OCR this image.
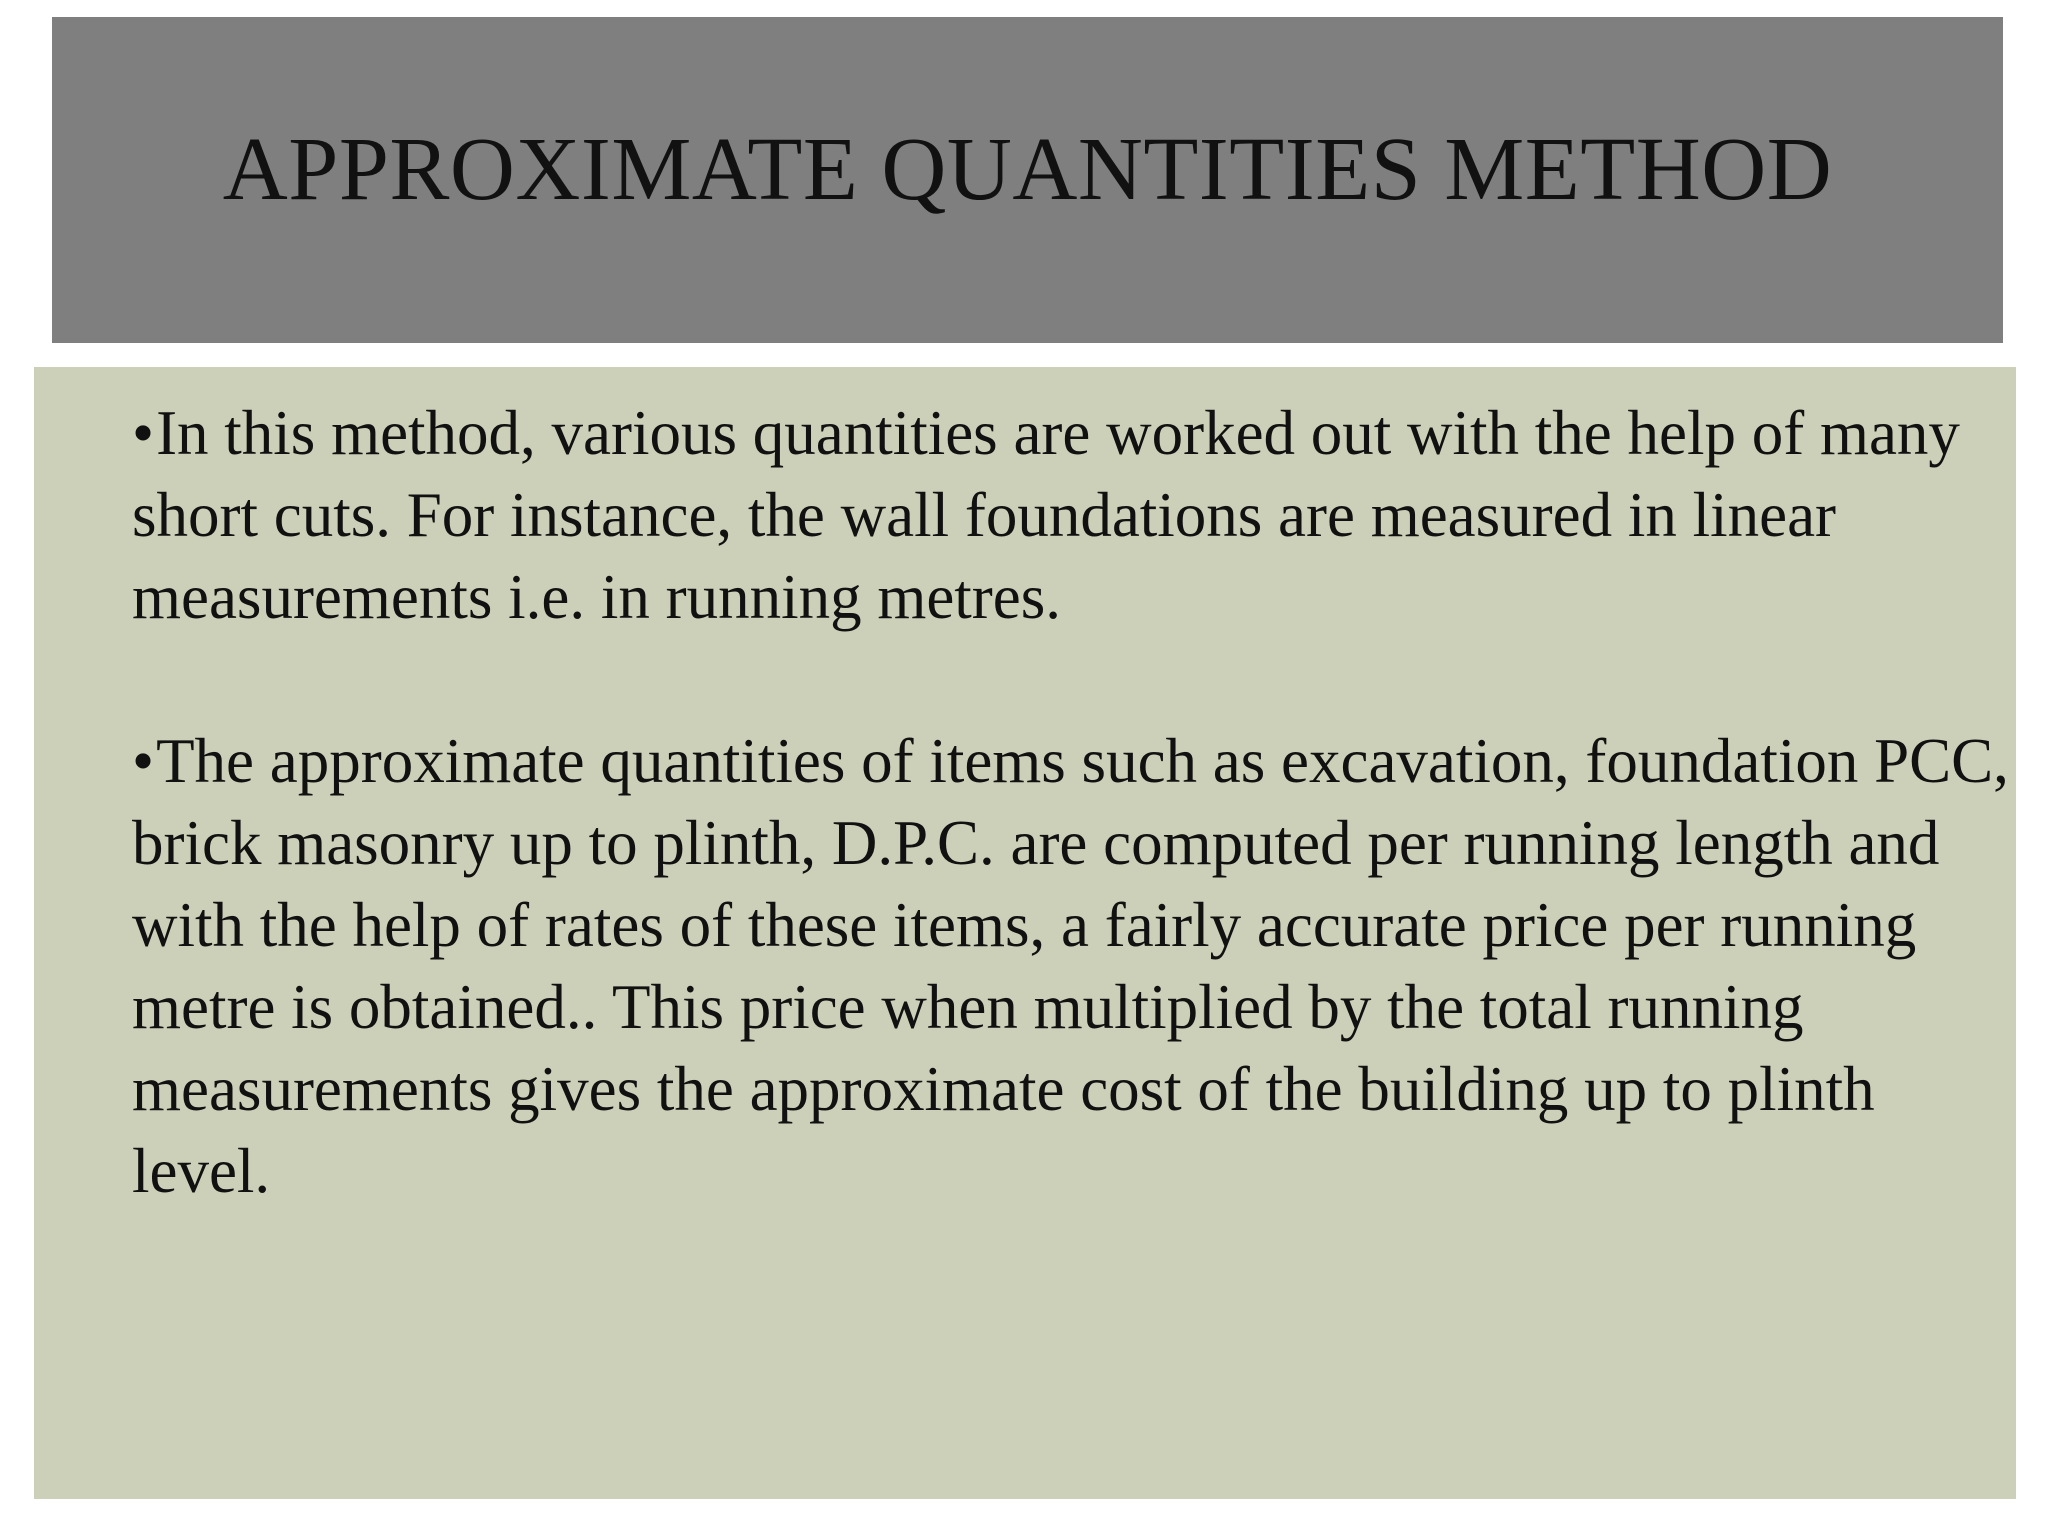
APPROXIMATE QUANTITIES METHOD

•In this method, various quantities are worked out with the help of many short cuts. For instance, the wall foundations are measured in linear measurements i.e. in running metres.

•The approximate quantities of items such as excavation, foundation PCC, brick masonry up to plinth, D.P.C. are computed per running length and with the help of rates of these items, a fairly accurate price per running metre is obtained.. This price when multiplied by the total running measurements gives the approximate cost of the building up to plinth level.
